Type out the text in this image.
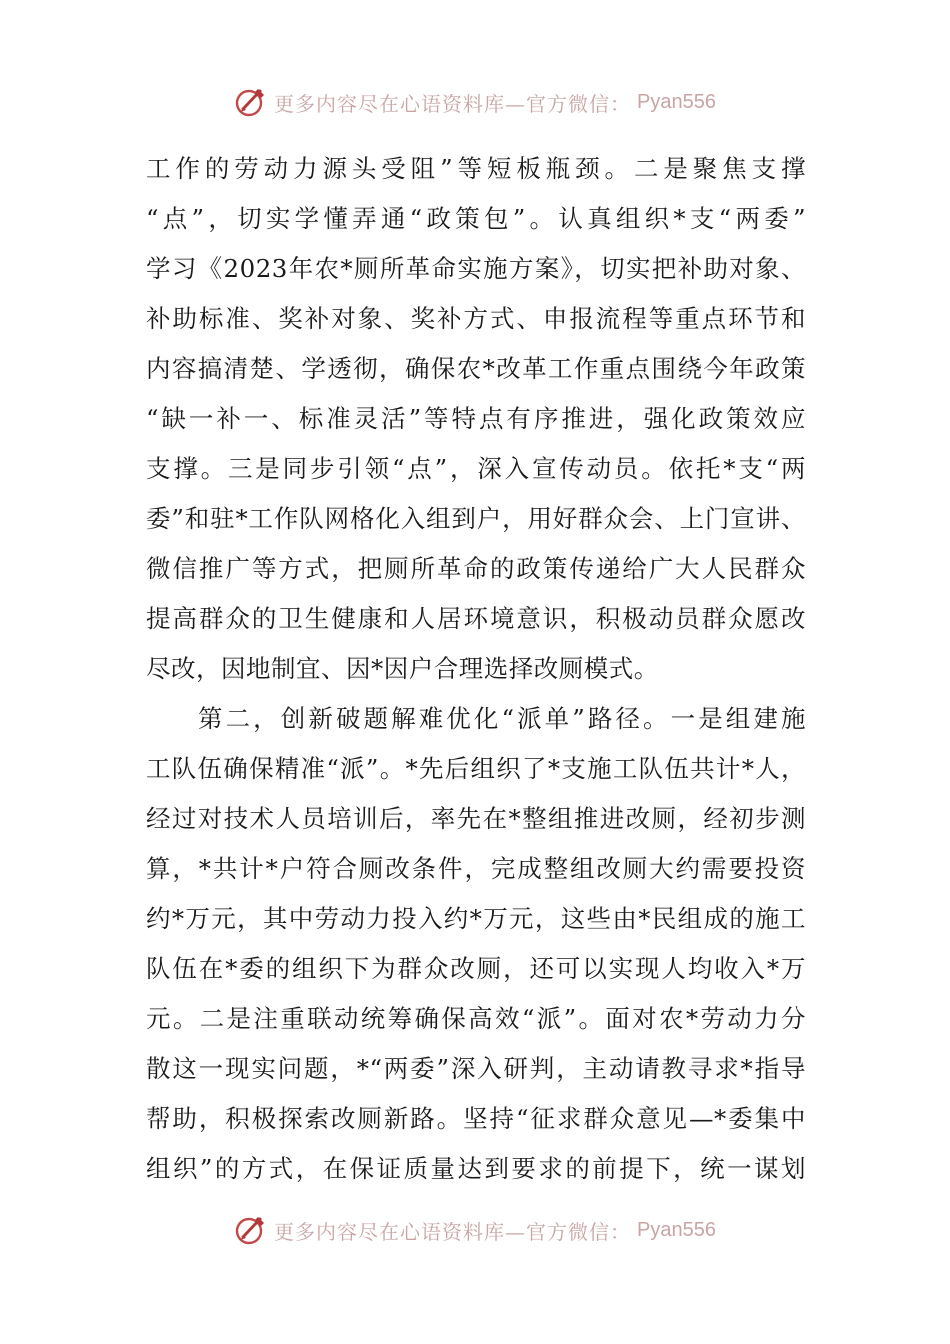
更多内容尽在心语资料库—官方微信： Pyan556
工作的劳动力源头受阻”等短板瓶颈。二是聚焦支撑
“点”，切实学懂弄通“政策包”。认真组织*支“两委”
学习《2023年农*厕所革命实施方案》，切实把补助对象、
补助标准、奖补对象、奖补方式、申报流程等重点环节和
内容搞清楚、学透彻，确保农*改革工作重点围绕今年政策
“缺一补一、标准灵活”等特点有序推进，强化政策效应
支撑。三是同步引领“点”，深入宣传动员。依托*支“两
委”和驻*工作队网格化入组到户，用好群众会、上门宣讲、
微信推广等方式，把厕所革命的政策传递给广大人民群众
提高群众的卫生健康和人居环境意识，积极动员群众愿改
尽改，因地制宜、因*因户合理选择改厕模式。
第二，创新破题解难优化“派单”路径。一是组建施
工队伍确保精准“派”。*先后组织了*支施工队伍共计*人，
经过对技术人员培训后，率先在*整组推进改厕，经初步测
算，*共计*户符合厕改条件，完成整组改厕大约需要投资
约*万元，其中劳动力投入约*万元，这些由*民组成的施工
队伍在*委的组织下为群众改厕，还可以实现人均收入*万
元。二是注重联动统筹确保高效“派”。面对农*劳动力分
散这一现实问题，*“两委”深入研判，主动请教寻求*指导
帮助，积极探索改厕新路。坚持“征求群众意见—*委集中
组织”的方式，在保证质量达到要求的前提下，统一谋划
更多内容尽在心语资料库—官方微信： Pyan556
